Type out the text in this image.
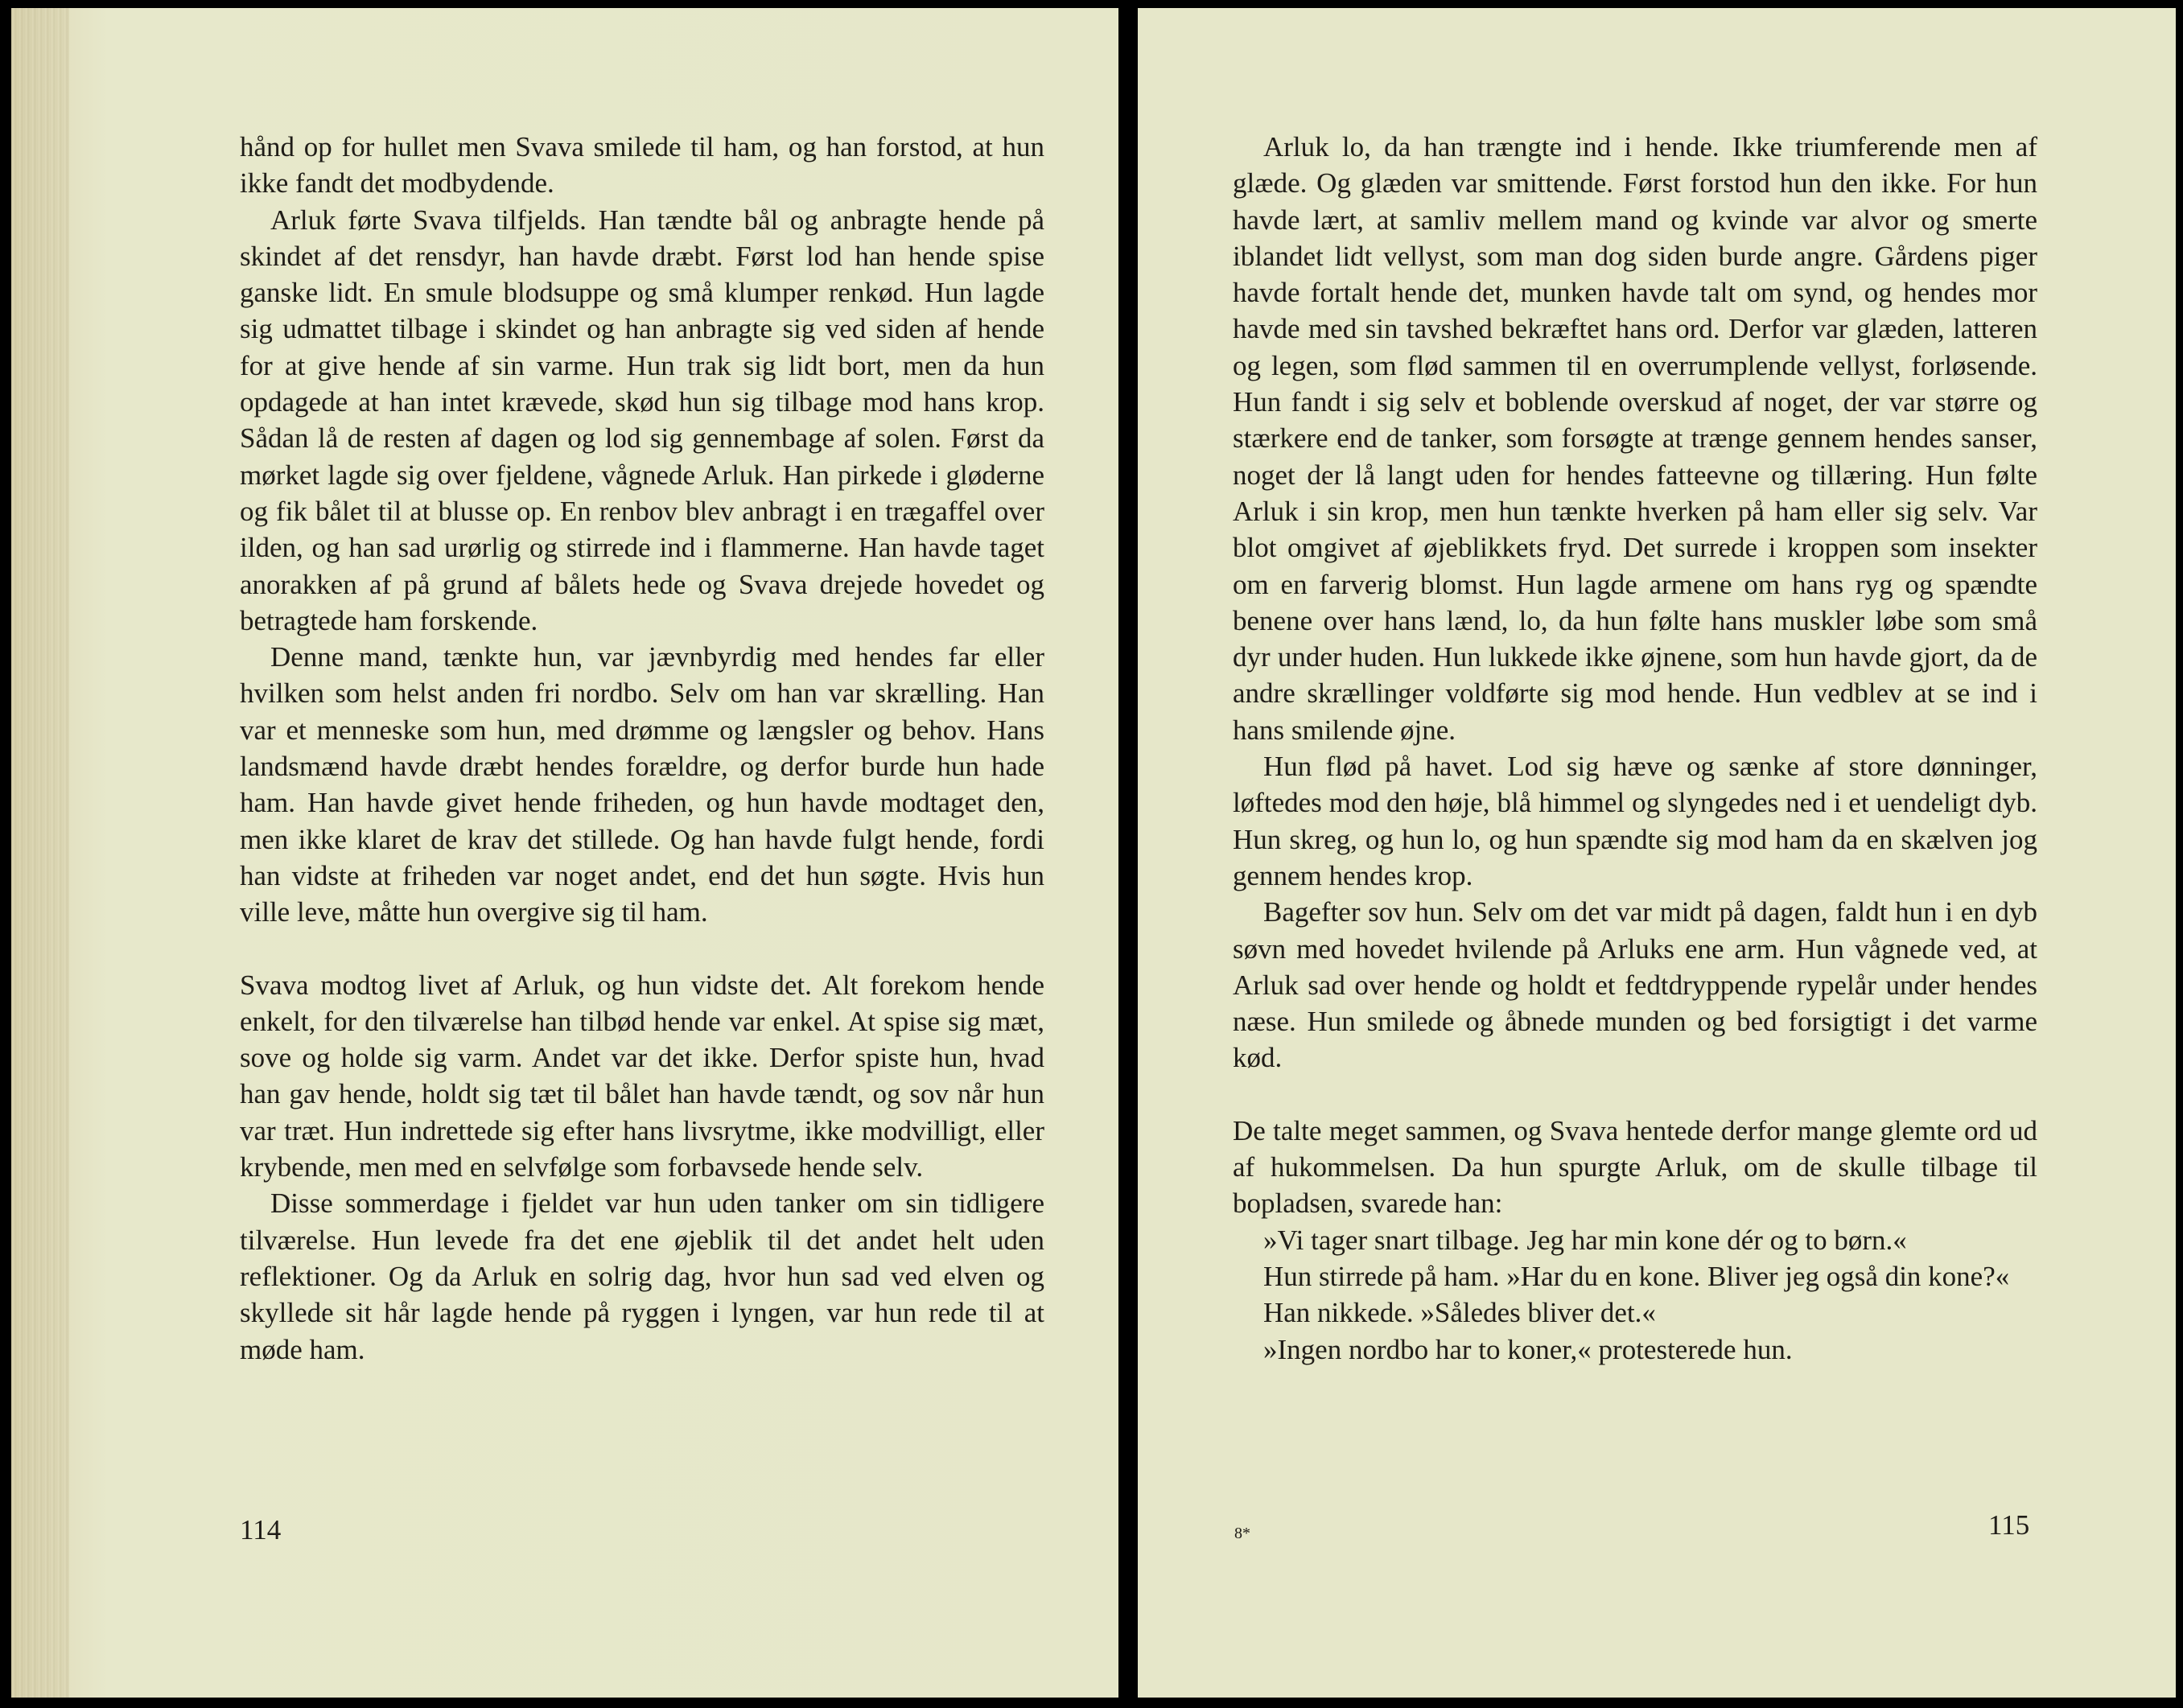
hånd op for hullet men Svava smilede til ham, og han forstod, at hun ikke fandt det modbydende.

Arluk førte Svava tilfjelds. Han tændte bål og anbragte hende på skindet af det rensdyr, han havde dræbt. Først lod han hende spise ganske lidt. En smule blodsuppe og små klumper renkød. Hun lagde sig udmattet tilbage i skindet og han anbragte sig ved siden af hende for at give hende af sin varme. Hun trak sig lidt bort, men da hun opdagede at han intet krævede, skød hun sig tilbage mod hans krop. Sådan lå de resten af dagen og lod sig gennembage af solen. Først da mørket lagde sig over fjeldene, vågnede Arluk. Han pirkede i gløderne og fik bålet til at blusse op. En renbov blev anbragt i en trægaffel over ilden, og han sad urørlig og stirrede ind i flammerne. Han havde taget anorakken af på grund af bålets hede og Svava drejede hovedet og betragtede ham forskende.

Denne mand, tænkte hun, var jævnbyrdig med hendes far eller hvilken som helst anden fri nordbo. Selv om han var skrælling. Han var et menneske som hun, med drømme og længsler og behov. Hans landsmænd havde dræbt hendes forældre, og derfor burde hun hade ham. Han havde givet hende friheden, og hun havde modtaget den, men ikke klaret de krav det stillede. Og han havde fulgt hende, fordi han vidste at friheden var noget andet, end det hun søgte. Hvis hun ville leve, måtte hun overgive sig til ham.

Svava modtog livet af Arluk, og hun vidste det. Alt forekom hende enkelt, for den tilværelse han tilbød hende var enkel. At spise sig mæt, sove og holde sig varm. Andet var det ikke. Derfor spiste hun, hvad han gav hende, holdt sig tæt til bålet han havde tændt, og sov når hun var træt. Hun indrettede sig efter hans livsrytme, ikke modvilligt, eller krybende, men med en selvfølge som forbavsede hende selv.

Disse sommerdage i fjeldet var hun uden tanker om sin tidligere tilværelse. Hun levede fra det ene øjeblik til det andet helt uden reflektioner. Og da Arluk en solrig dag, hvor hun sad ved elven og skyllede sit hår lagde hende på ryggen i lyngen, var hun rede til at møde ham.

114

Arluk lo, da han trængte ind i hende. Ikke triumferende men af glæde. Og glæden var smittende. Først forstod hun den ikke. For hun havde lært, at samliv mellem mand og kvinde var alvor og smerte iblandet lidt vellyst, som man dog siden burde angre. Gårdens piger havde fortalt hende det, munken havde talt om synd, og hendes mor havde med sin tavshed bekræftet hans ord. Derfor var glæden, latteren og legen, som flød sammen til en overrumplende vellyst, forløsende. Hun fandt i sig selv et boblende overskud af noget, der var større og stærkere end de tanker, som forsøgte at trænge gennem hendes sanser, noget der lå langt uden for hendes fatteevne og tillæring. Hun følte Arluk i sin krop, men hun tænkte hverken på ham eller sig selv. Var blot omgivet af øjeblikkets fryd. Det surrede i kroppen som insekter om en farverig blomst. Hun lagde armene om hans ryg og spændte benene over hans lænd, lo, da hun følte hans muskler løbe som små dyr under huden. Hun lukkede ikke øjnene, som hun havde gjort, da de andre skrællinger voldførte sig mod hende. Hun vedblev at se ind i hans smilende øjne.

Hun flød på havet. Lod sig hæve og sænke af store dønninger, løftedes mod den høje, blå himmel og slyngedes ned i et uendeligt dyb. Hun skreg, og hun lo, og hun spændte sig mod ham da en skælven jog gennem hendes krop.

Bagefter sov hun. Selv om det var midt på dagen, faldt hun i en dyb søvn med hovedet hvilende på Arluks ene arm. Hun vågnede ved, at Arluk sad over hende og holdt et fedtdryppende rypelår under hendes næse. Hun smilede og åbnede munden og bed forsigtigt i det varme kød.

De talte meget sammen, og Svava hentede derfor mange glemte ord ud af hukommelsen. Da hun spurgte Arluk, om de skulle tilbage til bopladsen, svarede han:

»Vi tager snart tilbage. Jeg har min kone dér og to børn.«

Hun stirrede på ham. »Har du en kone. Bliver jeg også din kone?«

Han nikkede. »Således bliver det.«

»Ingen nordbo har to koner,« protesterede hun.

8*	115
